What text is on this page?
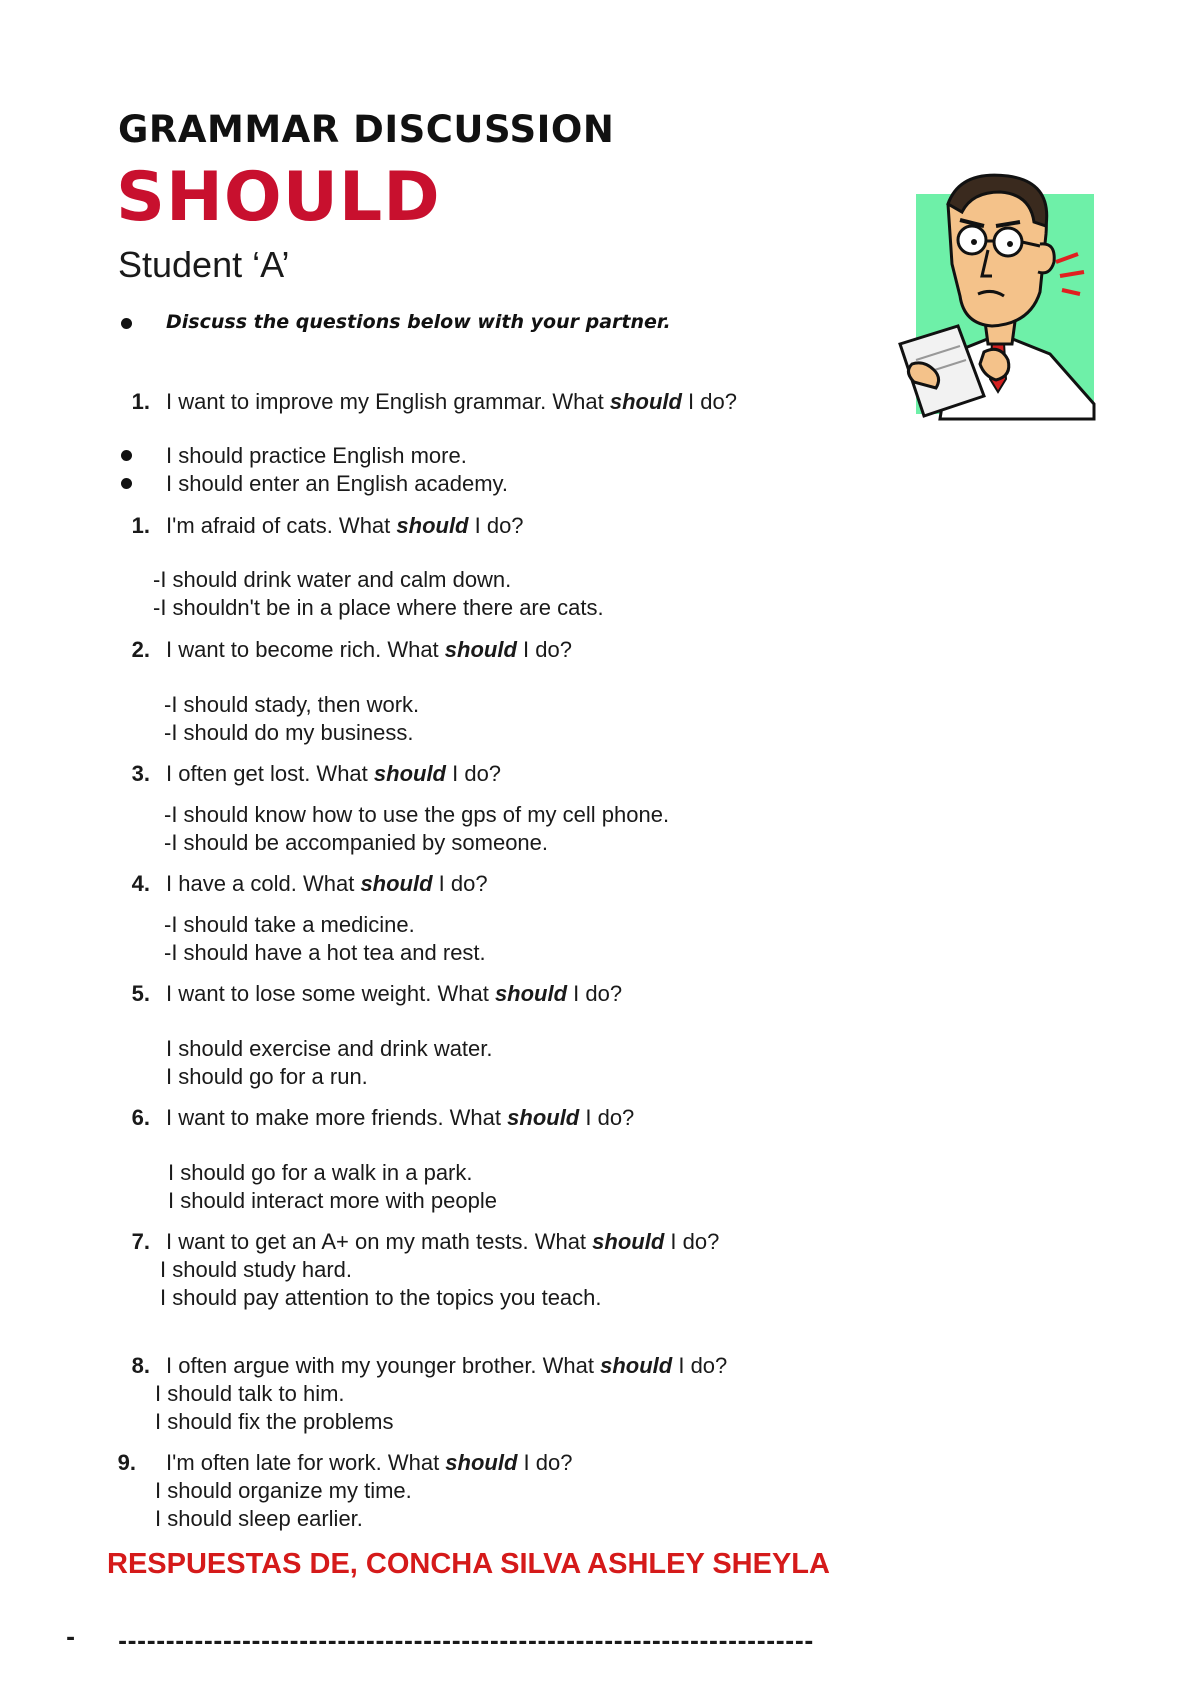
GRAMMAR DISCUSSION
SHOULD
Student ‘A’
Discuss the questions below with your partner.
1. I want to improve my English grammar. What should I do?
I should practice English more.
I should enter an English academy.
1. I'm afraid of cats. What should I do?
-I should drink water and calm down.
-I shouldn't be in a place where there are cats.
2. I want to become rich. What should I do?
-I should stady, then work.
-I should do my business.
3. I often get lost. What should I do?
-I should know how to use the gps of my cell phone.
-I should be accompanied by someone.
4. I have a cold. What should I do?
-I should take a medicine.
-I should have a hot tea and rest.
5. I want to lose some weight. What should I do?
I should exercise and drink water.
I should go for a run.
6. I want to make more friends. What should I do?
I should go for a walk in a park.
I should interact more with people
7. I want to get an A+ on my math tests. What should I do?
I should study hard.
I should pay attention to the topics you teach.
8. I often argue with my younger brother. What should I do?
I should talk to him.
I should fix the problems
9. I'm often late for work. What should I do?
I should organize my time.
I should sleep earlier.
RESPUESTAS DE, CONCHA SILVA ASHLEY SHEYLA
- -------------------------------------------------------------------------
